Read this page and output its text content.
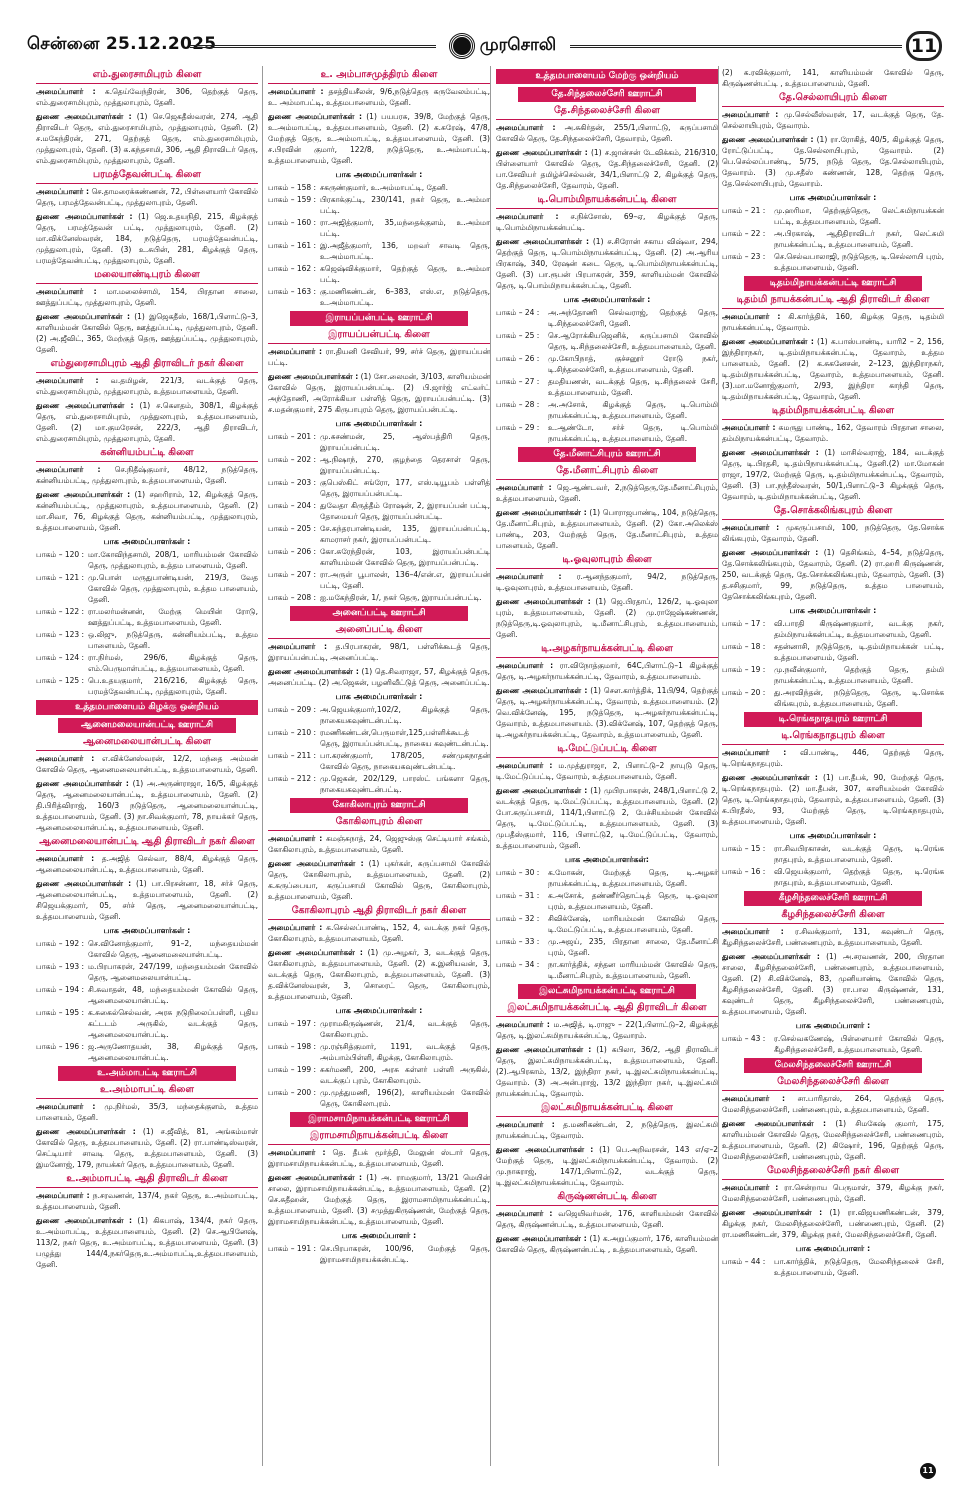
சென்னை 25.12.2025	முரசொலி	11
எம்.துரைசாமிபுரம் கிளை

அமைப்பாளர் : க.தெய்வேந்திரன், 306, தெற்குத் தெரு, எம்.துரைசாமிபுரம், முத்துலாபுரம், தேனி.

துணை அமைப்பாளர்கள் : (1) செ.ஜெகதீஸ்வரன், 274, ஆதி திராவிடர் தெரு, எம்.துரைசாமிபுரம், முத்துலாபுரம், தேனி. (2) ச.மகேந்திரன், 271, தெற்குத் தெரு, எம்.துரைசாமிபுரம், முத்துலாபுரம், தேனி. (3) க.கந்தசாமி, 306, ஆதி திராவிடர் தெரு, எம்.துரைசாமிபுரம், முத்துலாபுரம், தேனி.

பரமத்தேவன்பட்டி கிளை

அமைப்பாளர் : செ.தாமரைக்கண்ணன், 72, பிள்ளையார் கோவில் தெரு, பரமத்தேவன்பட்டி, முத்துலாபுரம், தேனி.

துணை அமைப்பாளர்கள் : (1) ஜெ.உதயநிதி, 215, கிழக்குத் தெரு, பரமத்தேவன் பட்டி, முத்துலாபுரம், தேனி. (2) மா.விக்னேஸ்வரன், 184, நடுத்தெரு, பரமத்தேவன்பட்டி, முத்துலாபுரம், தேனி. (3) உ.சுபின், 281, கிழக்குத் தெரு, பரமத்தேவன்பட்டி, முத்துலாபுரம், தேனி.

மலையாண்டிபுரம் கிளை

அமைப்பாளர் : மா.மலைச்சாமி, 154, பிரதான சாலை, ஊத்துப்பட்டி, முத்துலாபுரம், தேனி.

துணை அமைப்பாளர்கள் : (1) இஜெகதீஸ், 168/1,பிளாட்டு–3, காளியம்மன் கோவில் தெரு, ஊத்துப்பட்டி, முத்துலாபுரம், தேனி. (2) அ.ஜீவிட், 365, மேற்குத் தெரு, ஊத்துப்பட்டி, முத்துலாபுரம், தேனி.

எம்துரைசாமிபுரம் ஆதி திராவிடர் நகர் கிளை

அமைப்பாளர் : வ.தமிழன், 221/3, வடக்குத் தெரு, எம்.துரைசாமிபுரம், முத்துலாபுரம், உத்தமபாளையம், தேனி.

துணை அமைப்பாளர்கள் : (1) ச.கௌதம், 308/1, கிழக்குத் தெரு, எம்.துரைசாமிபுரம், முத்துலாபுரம், உத்தமபாளையம், தேனி. (2) மா.குமரேசன், 222/3, ஆதி திராவிடர், எம்.துரைசாமிபுரம், முத்துலாபுரம், தேனி.

கன்னியம்பட்டி கிளை

அமைப்பாளர் : செ.நிதீஷ்குமார், 48/12, நடுத்தெரு, கன்னியம்பட்டி, முத்துலாபுரம், உத்தமபாளையம், தேனி.

துணை அமைப்பாளர்கள் : (1) சஹரிராம், 12, கிழக்குத் தெரு, கன்னியம்பட்டி, முத்துலாபுரம், உத்தமபாளையம், தேனி. (2) மா.சிவா, 76, கிழக்குத் தெரு, கன்னியம்பட்டி, முத்துலாபுரம், உத்தமபாளையம், தேனி.

பாக அமைப்பாளர்கள் :
பாகம் – 120 : மா.கோவிந்தசாமி, 208/1, மாரியம்மன் கோவில் தெரு, முத்துலாபுரம், உத்தம பாளையம், தேனி.
பாகம் – 121 : மு.பொன் மருதுபாண்டியன், 219/3, வேத கோவில் தெரு, முத்துலாபுரம், உத்தம பாளையம், தேனி.
பாகம் – 122 : ரா.மலர்மன்னன், மேற்கு மெயின் ரோடு, ஊத்துப்பட்டி, உத்தமபாளையம், தேனி.
பாகம் – 123 : ஒ.லிஜு, நடுத்தெரு, கன்னியம்பட்டி, உத்தம பாளையம், தேனி.
பாகம் – 124 : ரா.நிர்மல், 296/6, கிழக்குத் தெரு, எம்.பெருமாள்பட்டி, உத்தமபாளையம், தேனி.
பாகம் – 125 : பெ.உதயகுமார், 216/216, கிழக்குத் தெரு, பரமத்தேவன்பட்டி, முத்துலாபுரம், தேனி.
உத்தமபாளையம் கிழக்கு ஒன்றியம்
ஆனைமலையான்பட்டி ஊராட்சி
ஆனைமலையான்பட்டி கிளை

அமைப்பாளர் : எ.விக்னேஸ்வரன், 12/2, மந்தை அம்மன் கோவில் தெரு, ஆனைமலையான்பட்டி, உத்தமபாளையம், தேனி.

துணை அமைப்பாளர்கள் : (1) அ.அருண்ராஜா, 16/5, கிழக்குத் தெரு, ஆனைமலையான்பட்டி, உத்தமபாளையம், தேனி. (2) தி.பிரித்விராஜ், 160/3 நடுத்தெரு, ஆனைமலையான்பட்டி, உத்தமபாளையம், தேனி. (3) நா.சிவக்குமார், 78, நாயக்கர் தெரு, ஆனைமலையான்பட்டி, உத்தமபாளையம், தேனி.

ஆனைமலையான்பட்டி ஆதி திராவிடர் நகர் கிளை

அமைப்பாளர் : த.அஜித் செல்வா, 88/4, கிழக்குத் தெரு, ஆனைமலையான்பட்டி, உத்தமபாளையம், தேனி.

துணை அமைப்பாளர்கள் : (1) பா.பிரசன்னா, 18, சர்ச் தெரு, ஆனைமலையான்பட்டி, உத்தமபாளையம், தேனி. (2) சிஜெயக்குமார், 05, சர்ச் தெரு, ஆனைமலையான்பட்டி, உத்தமபாளையம், தேனி.

பாக அமைப்பாளர்கள் :
பாகம் – 192 : செ.வினோத்குமார், 91–2, மந்தையம்மன் கோவில் தெரு, ஆனைமலையான்பட்டி.
பாகம் – 193 : ம.பிரபாகரன், 247/199, மந்தையம்மன் கோவில் தெரு, ஆனைமலையான்பட்டி.
பாகம் – 194 : சி.சுவாதன், 48, மந்தையம்மன் கோவில் தெரு, ஆனைமலையான்பட்டி.
பாகம் – 195 : க.சுகைல்செல்வன், அரசு நடுநிலைப்பள்ளி, புதிய கட்டடம் அருகில், வடக்குத் தெரு, ஆனைமலையான்பட்டி.
பாகம் – 196 : ஜ.அருணோதயன், 38, கிழக்குத் தெரு, ஆனைமலையான்பட்டி.
உ.அம்மாபட்டி ஊராட்சி
உ.அம்மாபட்டி கிளை

அமைப்பாளர் : மு.நிர்மல், 35/3, மந்தைக்குளம், உத்தம பாளையம், தேனி.

துணை அமைப்பாளர்கள் : (1) ச.ஜீவித், 81, அங்கம்மாள் கோவில் தெரு, உத்தமபாளையம், தேனி. (2) ரா.பாண்டிஸ்வரன், செட்டியார் சாவடி தெரு, உத்தமபாளையம், தேனி. (3) இமனோஜ், 179, நாயக்கர் தெரு, உத்தமபாளையம், தேனி.

உ.அம்மாபட்டி ஆதி திராவிடர் கிளை

அமைப்பாளர் : ந.சரவணன், 137/4, நகர் தெரு, உ.அம்மாபட்டி, உத்தமபாளையம், தேனி.

துணை அமைப்பாளர்கள் : (1) கிகபாஷ், 134/4, நகர் தெரு, உ.அம்மாபட்டி, உத்தமபாளையம், தேனி. (2) செ.ஆபினேஷ், 113/2, நகர் தெரு, உ.அம்மாபட்டி, உத்தமபாளையம், தேனி. (3) பழுத்து 144/4,நகர்தெரு,உ.அம்மாபட்டி,உத்தமபாளையம், தேனி.

உ. அம்பாசமுத்திரம் கிளை

அமைப்பாளர் : தசத்தியசீலன், 9/6,நடுத்தெரு கருவேலம்பட்டி, உ. அம்மாபட்டி, உத்தமபாளையம், தேனி.

துணை அமைப்பாளர்கள் : (1) பயபரசு, 39/8, மேற்குத் தெரு, உ.அம்மாபட்டி, உத்தமபாளையம், தேனி. (2) க.சுரேஷ், 47/8, மேற்குத் தெரு, உ.அம்மாபட்டி, உத்தமபாளையம், தேனி. (3) ச.பிரவின் குமார், 122/8, நடுத்தெரு, உ.அம்மாபட்டி, உத்தமபாளையம், தேனி.

பாக அமைப்பாளர்கள் :
பாகம் – 158 : சகருண்குமார், உ.அம்மாபட்டி, தேனி.
பாகம் – 159 : பிரகாக்குட்டி, 230/141, நகர் தெரு, உ.அம்மா பட்டி.
பாகம் – 160 : ரா.அஜித்குமார், 35,மந்தைக்குளம், உ.அம்மா பட்டி.
பாகம் – 161 : இ.அஜீத்குமார், 136, மறவர் சாவடி தெரு, உ.அம்மாபட்டி.
பாகம் – 162 : கஜெஷ்விக்குமார், தெற்குத் தெரு, உ.அம்மா பட்டி.
பாகம் – 163 : கு.மணிகண்டன், 6–383, எஸ்.எ, நடுத்தெரு, உ.அம்மாபட்டி.
இராயப்பன்பட்டி ஊராட்சி
இராயப்பன்பட்டி கிளை

அமைப்பாளர் : ரா.தியனி சேவியர், 99, சர்ச் தெரு, இராயப்பன் பட்டி.

துணை அமைப்பாளர்கள் : (1) சோ.லைமன், 3/103, காளியம்மன் கோவில் தெரு, இராயப்பன்பட்டி. (2) பி.ஜார்ஜ் எட்வர்ட் அந்தோணி, அரோக்கியா பள்ளித் தெரு, இராயப்பன்பட்டி. (3) ச.மதன்குமார், 275 கிருபாபுரம் தெரு, இராயப்பன்பட்டி.

பாக அமைப்பாளர்கள் :
பாகம் – 201 : மு.சுசண்மன், 25, ஆஸ்பத்திரி தெரு, இராயப்பன்பட்டி.
பாகம் – 202 : ஆ.நிஷாந், 270, குழந்தை தெரசாள் தெரு, இராயப்பன்பட்டி.
பாகம் – 203 : குபெஸ்கிட் சங்ரோ, 177, எஸ்.டியூபம் பள்ளித் தெரு, இராயப்பன்பட்டி.
பாகம் – 204 : துவேதா கிருத்தீம் ரோஷன், 2, இராயப்பன் பட்டி, தோமையர் தெரு, இராயப்பன்பட்டி.
பாகம் – 205 : சே.சுந்தரபாண்டியன், 135, இராயப்பன்பட்டி, காமராசர் நகர், இராயப்பன்பட்டி.
பாகம் – 206 : கோ.சுரேந்திரன், 103, இராயப்பன்பட்டி காளியம்மன் கோவில் தெரு, இராயப்பன்பட்டி.
பாகம் – 207 : ரா.அருள் பூபாலன், 136–4/என்.எ, இராயப்பன் பட்டி, தேனி.
பாகம் – 208 : ஐ.மகேந்திரன், 1/, நகர் தெரு, இராயப்பன்பட்டி.
அனைப்பட்டி ஊராட்சி
அனைப்பட்டி கிளை

அமைப்பாளர் : த.பிரபாகரன், 98/1, பள்ளிக்கூடத் தெரு, இராயப்பன்பட்டி, அனைப்பட்டி.

துணை அமைப்பாளர்கள் : (1) தெ.சிவராஜா, 57, கிழக்குத் தெரு, அனைப்பட்டி. (2) அ.ஜெகன், பழனிவீட்டுத் தெரு, அனைப்பட்டி.

பாக அமைப்பாளர்கள் :
பாகம் – 209 : அ.ஜெயக்குமார்,102/2, கிழக்குத் தெரு, நாகையகவுண்டன்பட்டி.
பாகம் – 210 : ரமணிகண்டன்,பெருமாள்,125,பள்ளிக்கூடத் தெரு, இராயப்பன்பட்டி, நாகைய கவுண்டன்பட்டி.
பாகம் – 211 : பா.கரண்குமார், 178/205, சண்முகநாதன் கோவில் தெரு, நாகையகவுண்டன்பட்டி.
பாகம் – 212 : மு.ஜெகன், 202/129, பாரஸ்ட் பங்களா தெரு, நாகையகவுண்டன்பட்டி.
கோகிலாபுரம் ஊராட்சி
கோகிலாபுரம் கிளை

அமைப்பாளர் : சுமஞ்சுநாத், 24, ஜெஜுஸ்கு செட்டியார் சங்கம், கோகிலாபுரம், உத்தமபாளையம், தேனி.

துணை அமைப்பாளர்கள் : (1) புகர்கள், கருப்பசாமி கோவில் தெரு, கோகிலாபுரம், உத்தமபாளையம், தேனி. (2) க.கருப்பையா, கருப்பசாமி கோவில் தெரு, கோகிலாபுரம், உத்தமபாளையம், தேனி.

கோகிலாபுரம் ஆதி திராவிடர் நகர் கிளை

அமைப்பாளர் : க.செல்லப்பாண்டி, 152, 4, வடக்கு நகர் தெரு, கோகிலாபுரம், உத்தமபாளையம், தேனி.

துணை அமைப்பாளர்கள் : (1) மு.அழகர், 3, வடக்குத் தெரு, கோகிலாபுரம், உத்தமபாளையம், தேனி. (2) க.இனியவன், 3, வடக்குத் தெரு, கோகிலாபுரம், உத்தமபாளையம், தேனி. (3) த.விக்னேஸ்வரன், 3, சொரைட் தெரு, கோகிலாபுரம், உத்தமபாளையம், தேனி.

பாக அமைப்பாளர்கள் :
பாகம் – 197 : முராமகிருஷ்ணன், 21/4, வடக்குத் தெரு, கோகிலாபுரம்.
பாகம் – 198 : மு.ரஞ்சித்குமார், 1191, வடக்குத் தெரு, அம்பாம்பிள்ளி, கிழக்கு, கோகிலாபுரம்.
பாகம் – 199 : சுகர்மணி, 200, அரசு கள்ளர் பள்ளி அருகில், வடக்குப் புரம், கோகிலாபுரம்.
பாகம் – 200 : மு.முத்துமணி, 196(2), காளியம்மன் கோவில் தெரு, கோகிலாபுரம்.
இராமசாமிநாயக்கன்பட்டி ஊராட்சி
இராமசாமிநாயக்கன்பட்டி கிளை

அமைப்பாளர் : தெ. தீபக் மூர்த்தி, மேலுன் ஸ்டார் தெரு, இராமசாமிநாயக்கன்பட்டி, உத்தமபாளையம், தேனி.

துணை அமைப்பாளர்கள் : (1) அ. ராமகுமார், 13/21 மெயின் சாலை, இராமசாமிநாயக்கன்பட்டி, உத்தமபாளையம், தேனி. (2) செ.சுதீஹன், மேற்குத் தெரு, இராமசாமிநாயக்கன்பட்டி, உத்தமபாளையம், தேனி. (3) சமுத்துகிருஷ்ணன், மேற்குத் தெரு, இராமசாமிநாயக்கன்பட்டி, உத்தமபாளையம், தேனி.

பாக அமைப்பாளர் :
பாகம் – 191 : செ.பிரபாகரன், 100/96, மேற்குத் தெரு, இராமசாமிநாயக்கன்பட்டி.
உத்தமபாளையம் மேற்கு ஒன்றியம்
தே.சிந்தலைச்சேரி ஊராட்சி
தே.சிந்தலைச்சேரி கிளை

அமைப்பாளர் : அ.சுகிர்தன், 255/1,பிளாட்டு, கருப்பசாமி கோவில் தெரு, தே.சிந்தலைச்சேரி, தேவாரம், தேனி.

துணை அமைப்பாளர்கள் : (1) ச.ஜான்சன் டேவிக்கம், 216/310, பிள்ளையார் கோவில் தெரு, தே.சிந்தலைச்சேரி, தேனி. (2) பா.சேவியர் தமிழ்ச்செல்வன், 34/1,பிளாட்டு 2, கிழக்குத் தெரு, தே.சிந்தலைச்சேரி, தேவாரம், தேனி.

டி.பொம்மிநாயக்கன்பட்டி கிளை

அமைப்பாளர் : ச.நிக்சோஸ், 69–ஏ, கிழக்குத் தெரு, டி.பொம்மிநாயக்கன்பட்டி.

துணை அமைப்பாளர்கள் : (1) ச.சிரோன் சகாய விஷ்வா, 294, தெற்குத் தெரு, டி.பொம்மிநாயக்கன்பட்டி, தேனி. (2) அ.ஆரிய பிரகாஷ், 340, ரேஷன் கடை தெரு, டி.பொம்மிநாயக்கன்பட்டி, தேனி. (3) பா.ரூபன் பிரபாகரன், 359, காளியம்மன் கோவில் தெரு, டி.பொம்மிநாயக்கன்பட்டி, தேனி.

பாக அமைப்பாளர்கள் :
பாகம் – 24 :	அ.அந்தோணி செல்வராஜ், தெற்குத் தெரு, டி.சிந்தலைச்சேரி, தேனி.
பாகம் – 25 :	செ.ஆரோக்கியஜெனிக், கருப்பசாமி கோவில் தெரு, டி.சிந்தலைச்சேரி, உத்தமபாளையம், தேனி.
பாகம் – 26 :	மு.கோபிநாத், குச்சனூர் ரோடு நகர், டி.சிந்தலைச்சேரி, உத்தமபாளையம், தேனி.
பாகம் – 27 :	தமதியணன், வடக்குத் தெரு, டி.சிந்தலைச் சேரி, உத்தமபாளையம், தேனி.
பாகம் – 28 :	அ.அசோக், கிழக்குத் தெரு, டி.பொம்மி நாயக்கன்பட்டி, உத்தமபாளையம், தேனி.
பாகம் – 29 :	உ.ஆண்டோ, சர்ச் தெரு, டி.பொம்மி நாயக்கன்பட்டி, உத்தமபாளையம், தேனி.
தே.மீனாட்சிபுரம் ஊராட்சி
தே.மீனாட்சிபுரம் கிளை

அமைப்பாளர் : ஜெ.ஆண்டவர், 2,நடுத்தெரு,தே.மீனாட்சிபுரம், உத்தமபாளையம், தேனி.

துணை அமைப்பாளர்கள் : (1) பொராஜபாண்டி, 104, நடுத்தெரு, தே.மீனாட்சிபுரம், உத்தமபாளையம், தேனி. (2) கோ.அலெக்ஸ் பாண்டி, 203, மேற்குத் தெரு, தே.மீனாட்சிபுரம், உத்தம பாளையம், தேனி.

டி.ஓவுலாபுரம் கிளை

அமைப்பாளர் : ர.ஆனந்தகுமார், 94/2, நடுத்தெரு, டி.ஓவுலாபுரம், உத்தமபாளையம், தேனி.

துணை அமைப்பாளர்கள் : (1) ஜெ.பிரதாப், 126/2, டி.ஓவுலா புரம், உத்தமபாளையம், தேனி. (2) மு.ராஜேஷ்கண்ணன், நடுத்தெரு,டி.ஓவுலாபுரம், டி.மீனாட்சிபுரம், உத்தமபாளையம், தேனி.

டி.அழகர்நாயக்கன்பட்டி கிளை

அமைப்பாளர் : ரா.விநோத்குமார், 64C,பிளாட்டு–1 கிழக்குத் தெரு, டி.அழகர்நாயக்கன்பட்டி, தேவாரம், உத்தமபாளையம்.

துணை அமைப்பாளர்கள் : (1) செள.கார்த்திக், 11பி/94, தெற்குத் தெரு, டி.அழகர்நாயக்கன்பட்டி, தேவாரம், உத்தமபாளையம். (2) வெ.விக்னேஷ், 195, நடுத்தெரு, டி.அழகர்நாயக்கன்பட்டி, தேவாரம், உத்தமபாளையம். (3).விக்னேஷ், 107, தெற்குத் தெரு, டி.அழகர்நாயக்கன்பட்டி, தேவாரம், உத்தமபாளையம், தேனி.

டி.மேட்டுப்பட்டி கிளை

அமைப்பாளர் : ம.முத்துராஜா, 2, பிளாட்டு–2 நாயுடு தெரு, டி.மேட்டுப்பட்டி, தேவாரம், உத்தமபாளையம், தேனி.

துணை அமைப்பாளர்கள் : (1) முபிரபாகரன், 248/1,பிளாட்டு 2, வடக்குத் தெரு, டி.மேட்டுப்பட்டி, உத்தமபாளையம், தேனி. (2) போ.கருப்பசாமி, 114/1,பிளாட்டு 2, பேச்சியம்மன் கோவில் தெரு, டி.மேட்டுப்பட்டி, உத்தமபாளையம், தேனி. (3) முபதீஸ்குமார், 116, பிளாட்டு2, டி.மேட்டுப்பட்டி, தேவாரம், உத்தமபாளையம், தேனி.

பாக அமைப்பாளர்கள்:
பாகம் – 30 :	க.மோகன், மேற்குத் தெரு, டி.அழகர் நாயக்கன்பட்டி, உத்தமபாளையம், தேனி.
பாகம் – 31 :	க.அசோக், தண்ணீர்தொட்டித் தெரு, டி.ஓவுலா புரம், உத்தமபாளையம், தேனி.
பாகம் – 32 :	சிவிக்னேஷ், மாரியம்மன் கோவில் தெரு, டி.மேட்டுப்பட்டி, உத்தமபாளையம், தேனி.
பாகம் – 33 :	மு.அஜய், 235, பிரதான சாலை, தே.மீனாட்சி புரம், தேனி.
பாகம் – 34 :	நா.கார்த்திக், சந்தன மாரியம்மன் கோவில் தெரு, டி.மீனாட்சிபுரம், உத்தமபாளையம், தேனி.
இலட்சுமிநாயக்கன்பட்டி ஊராட்சி
இலட்சுமிநாயக்கன்பட்டி ஆதி திராவிடர் கிளை

அமைப்பாளர் : ம.அஜித், டி.ராஜு – 22(1,பிளாட்டு–2, கிழக்குத் தெரு, டி.இலட்சுமிநாயக்கன்பட்டி, தேவாரம்.

துணை அமைப்பாளர்கள் : (1) கபிலா, 36/2, ஆதி திராவிடர் தெரு, இலட்சுமிநாயக்கன்பட்டி, உத்தமபாளையம், தேனி. (2).ஆபிரகாம், 13/2, இந்திரா நகர், டி.இலட்சுமிநாயக்கன்பட்டி, தேவாரம். (3) அ.அன்புராஜ், 13/2 இந்திரா நகர், டி.இலட்சுமி நாயக்கன்பட்டி, தேவாரம்.

இலட்சுமிநாயக்கன்பட்டி கிளை

அமைப்பாளர் : த.மணிகண்டன், 2, நடுத்தெரு, இலட்சுமி நாயக்கன்பட்டி, தேவாரம்.

துணை அமைப்பாளர்கள் : (1) பெ.அறிவரசன், 143 எ/ஏ–2 மேற்குத் தெரு, டி.இலட்சுமிநாயக்கன்பட்டி, தேவாரம். (2) மு.நாகராஜ், 147/1,பிளாட்டு2, வடக்குத் தெரு, டி.இலட்சுமிநாயக்கன்பட்டி, தேவாரம்.

கிருஷ்ணன்பட்டி கிளை

அமைப்பாளர் : வஜெயிவர்மன், 176, காளியம்மன் கோவில் தெரு, கிருஷ்ணன்பட்டி, உத்தமபாளையம், தேனி.

துணை அமைப்பாளர்கள் : (1) க.அறுப்குமார், 176, காளியம்மன் கோவில் தெரு, கிருஷ்ணன்பட்டி , உத்தமபாளையம், தேனி.

(2) க.ரவிக்குமார், 141, காளியம்மன் கோவில் தெரு, கிருஷ்ணன்பட்டி , உத்தமபாளையம், தேனி.

தே.செல்லாயிபுரம் கிளை

அமைப்பாளர் : மு.செல்வீஸ்வரன், 17, வடக்குத் தெரு, தே. செல்லாயிபுரம், தேவாரம்.

துணை அமைப்பாளர்கள் : (1) ரா.ரோகித், 40/5, கிழக்குத் தெரு, ரோட்டுப்பட்டி, தே.செல்லாயிபுரம், தேவாரம். (2) பெ.செல்லப்பாண்டி, 5/75, நடுத் தெரு, தே.செல்லாயிபுரம், தேவாரம். (3) மு.சதீஸ் கண்ணன், 128, தெற்கு தெரு, தே.செல்லாயிபுரம், தேவாரம்.

பாக அமைப்பாளர்கள் :
பாகம் – 21 :	மு.ஹரிமா, தெற்குத்தெரு, லெட்சுமிநாயக்கன் பட்டி, உத்தமபாளையம், தேனி.
பாகம் – 22 :	அ.பிரகாஷ், ஆதிதிராவிடர் நகர், லெட்சுமி நாயக்கன்பட்டி, உத்தமபாளையம், தேனி.
பாகம் – 23 :	செ.செல்வபாலாஜி, நடுத்தெரு, டி.செல்லாயி புரம், உத்தமபாளையம், தேனி.
டிதம்மிநாயக்கன்பட்டி ஊராட்சி
டிதம்மி நாயக்கன்பட்டி ஆதி திராவிடர் கிளை

அமைப்பாளர் : கி.கார்த்திக், 160, கிழக்கு தெரு, டிதம்மி நாயக்கன்பட்டி, தேவாரம்.

துணை அமைப்பாளர்கள் : (1) க.பாஸ்பாண்டி, யாரி2 – 2, 156, இந்திராநகர், டி.தம்மிநாயக்கன்பட்டி, தேவாரம், உத்தம பாளையம், தேனி. (2) க.சுகனேசன், 2–123, இந்திராநகர், டி.தம்மிநாயக்கன்பட்டி, தேவாரம், உத்தமபாளையம், தேனி. (3).மா.மனோஜ்குமார், 2/93, இந்திரா காந்தி தெரு, டி.தம்மிநாயக்கன்பட்டி, தேவாரம், தேனி.

டிதம்மிநாயக்கன்பட்டி கிளை

அமைப்பாளர் : சுமருது பாண்டி, 162, தேவாரம் பிரதான சாலை, தம்மிநாயக்கன்பட்டி, தேவாரம்.

துணை அமைப்பாளர்கள் : (1) மாசில்வராஜ், 184, வடக்குத் தெரு, டி.பிரதசி, டி.தம்பிநாயக்கன்பட்டி, தேனி.(2) மா.மோகன் ராஜா, 197/2, மேற்குத் தெரு, டி.தம்மிநாயக்கன்பட்டி, தேவாரம், தேனி. (3) பா.நந்தீஸ்வரன், 50/1,பிளாட்டு–3 கிழக்குத் தெரு, தேவாரம், டி.தம்மிநாயக்கன்பட்டி, தேனி.

தே.சொக்கலிங்கபுரம் கிளை

அமைப்பாளர் : முகருப்பசாமி, 100, நடுத்தெரு, தே.சொக்க லிங்கபுரம், தேவாரம், தேனி.

துணை அமைப்பாளர்கள் : (1) தெசிங்கம், 4–54, நடுத்தெரு, தே.சொக்கலிங்கபுரம், தேவாரம், தேனி. (2) ரா.ஹரி கிருஷ்ணன், 250, வடக்குத் தெரு, தே.சொக்கலிங்கபுரம், தேவாரம், தேனி. (3) த.சசிகுமார், 99, நடுத்தெரு, உத்தம பாளையம், தேசொக்கலிங்கபுரம், தேனி.

பாக அமைப்பாளர்கள் :
பாகம் – 17 :	வி.பாரதி கிருஷ்ணகுமார், வடக்கு நகர், தம்மிநாயக்கன்பட்டி, உத்தமபாளையம், தேனி.
பாகம் – 18 :	சதன்னாசி, நடுத்தெரு, டி.தம்மிநாயக்கன் பட்டி, உத்தமபாளையம், தேனி.
பாகம் – 19 :	மு.நவீன்குமார், தெற்குத் தெரு, தம்மி நாயக்கன்பட்டி, உத்தமபாளையம், தேனி.
பாகம் – 20 :	து.அரவிந்தன், நடுத்தெரு, தெரு, டி.சொக்க லிங்கபுரம், உத்தமபாளையம், தேனி.
டி.ரெங்கநாதபுரம் ஊராட்சி
டி.ரெங்கநாதபுரம் கிளை

அமைப்பாளர் : வி.பாண்டி, 446, தெற்குத் தெரு, டி.ரெங்கநாதபுரம்.

துணை அமைப்பாளர்கள் : (1) பா.தீபக், 90, மேற்குத் தெரு, டி.ரெங்கநாதபுரம். (2) மா.தீபன், 307, காளியம்மன் கோவில் தெரு, டி.ரெங்கநாதபுரம், தேவாரம், உத்தமபாளையம், தேனி. (3) சு.பிரதீஸ், 93, மேற்குத் தெரு, டி.ரெங்கநாதபுரம், உத்தமபாளையம், தேனி.

பாக அமைப்பாளர்கள் :
பாகம் – 15 :	ரா.சிவபிரகாசன், வடக்குத் தெரு, டி.ரெங்க நாதபுரம், உத்தமபாளையம், தேனி.
பாகம் – 16 :	வி.ஜெயக்குமார், தெற்குத் தெரு, டி.ரெங்க நாதபுரம், உத்தமபாளையம், தேனி.
கீழசிந்தலைச்சேரி ஊராட்சி
கீழசிந்தலைச்சேரி கிளை

அமைப்பாளர் : ர.சிவக்குமார், 131, கவுண்டர் தெரு, கீழசிந்தலைச்சேரி, பண்ணைபுரம், உத்தமபாளையம், தேனி.

துணை அமைப்பாளர்கள் : (1) அ.சரவணன், 200, பிரதான சாலை, கீழசிந்தலைச்சேரி, பண்ணைபுரம், உத்தமபாளையம், தேனி. (2) சி.விக்னேஷ், 83, முனியாண்டி கோவில் தெரு, கீழசிந்தலைச்சேரி, தேனி. (3) ரா.பால கிருஷ்ணன், 131, கவுண்டர் தெரு, கீழசிந்தலைச்சேரி, பண்ணைபுரம், உத்தமபாளையம், தேனி.

பாக அமைப்பாளர் :
பாகம் – 43 :	ர.செல்வகணேஷ், பிள்ளையார் கோவில் தெரு, கீழசிந்தலைச்சேரி, உத்தமபாளையம், தேனி.
மேலசிந்தலைச்சேரி ஊராட்சி
மேலசிந்தலைச்சேரி கிளை

அமைப்பாளர் : சா.பாரிதாஸ், 264, தெற்குத் தெரு, மேலசிந்தலைச்சேரி, பண்ணைபுரம், உத்தமபாளையம், தேனி.

துணை அமைப்பாளர்கள் : (1) சிமகேஷ் குமார், 175, காளியம்மன் கோவில் தெரு, மேலசிந்தலைச்சேரி, பண்ணைபுரம், உத்தமபாளையம், தேனி. (2) கிஷோர், 196, தெற்குத் தெரு, மேலசிந்தலைச்சேரி, பண்ணைபுரம், தேனி.

மேலசிந்தலைச்சேரி நகர் கிளை

அமைப்பாளர் : ரா.சென்றாய பெருமாள், 379, கிழக்கு நகர், மேலசிந்தலைச்சேரி, பண்ணைபுரம், தேனி.

துணை அமைப்பாளர்கள் : (1) ரா.விஜயணிகண்டன், 379, கிழக்கு நகர், மேலசிந்தலைச்சேரி, பண்ணைபுரம், தேனி. (2) ரா.மணிகண்டன், 379, கிழக்கு நகர், மேலசிந்தலைச்சேரி, தேனி.

பாக அமைப்பாளர் :
பாகம் – 44 :	பா.கார்த்திக், நடுத்தெரு, மேலசிந்தலைச் சேரி, உத்தமபாளையம், தேனி.
11
